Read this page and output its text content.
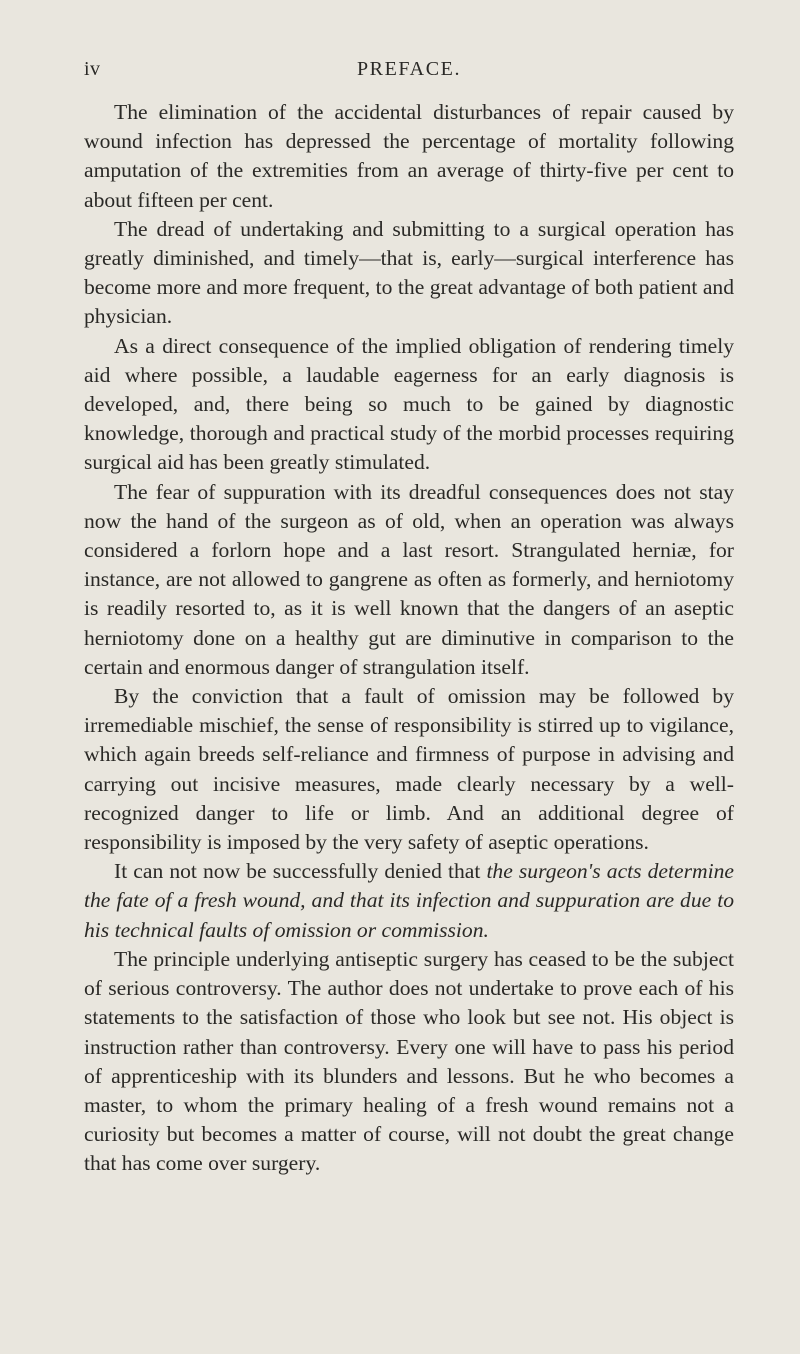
iv	PREFACE.

The elimination of the accidental disturbances of repair caused by wound infection has depressed the percentage of mortality following amputation of the extremities from an average of thirty-five per cent to about fifteen per cent.

The dread of undertaking and submitting to a surgical operation has greatly diminished, and timely—that is, early—surgical interference has become more and more frequent, to the great advantage of both patient and physician.

As a direct consequence of the implied obligation of rendering timely aid where possible, a laudable eagerness for an early diagnosis is developed, and, there being so much to be gained by diagnostic knowledge, thorough and practical study of the morbid processes requiring surgical aid has been greatly stimulated.

The fear of suppuration with its dreadful consequences does not stay now the hand of the surgeon as of old, when an operation was always considered a forlorn hope and a last resort. Strangulated herniæ, for instance, are not allowed to gangrene as often as formerly, and herniotomy is readily resorted to, as it is well known that the dangers of an aseptic herniotomy done on a healthy gut are diminutive in comparison to the certain and enormous danger of strangulation itself.

By the conviction that a fault of omission may be followed by irremediable mischief, the sense of responsibility is stirred up to vigilance, which again breeds self-reliance and firmness of purpose in advising and carrying out incisive measures, made clearly necessary by a well-recognized danger to life or limb. And an additional degree of responsibility is imposed by the very safety of aseptic operations.

It can not now be successfully denied that the surgeon's acts determine the fate of a fresh wound, and that its infection and suppuration are due to his technical faults of omission or commission.

The principle underlying antiseptic surgery has ceased to be the subject of serious controversy. The author does not undertake to prove each of his statements to the satisfaction of those who look but see not. His object is instruction rather than controversy. Every one will have to pass his period of apprenticeship with its blunders and lessons. But he who becomes a master, to whom the primary healing of a fresh wound remains not a curiosity but becomes a matter of course, will not doubt the great change that has come over surgery.
